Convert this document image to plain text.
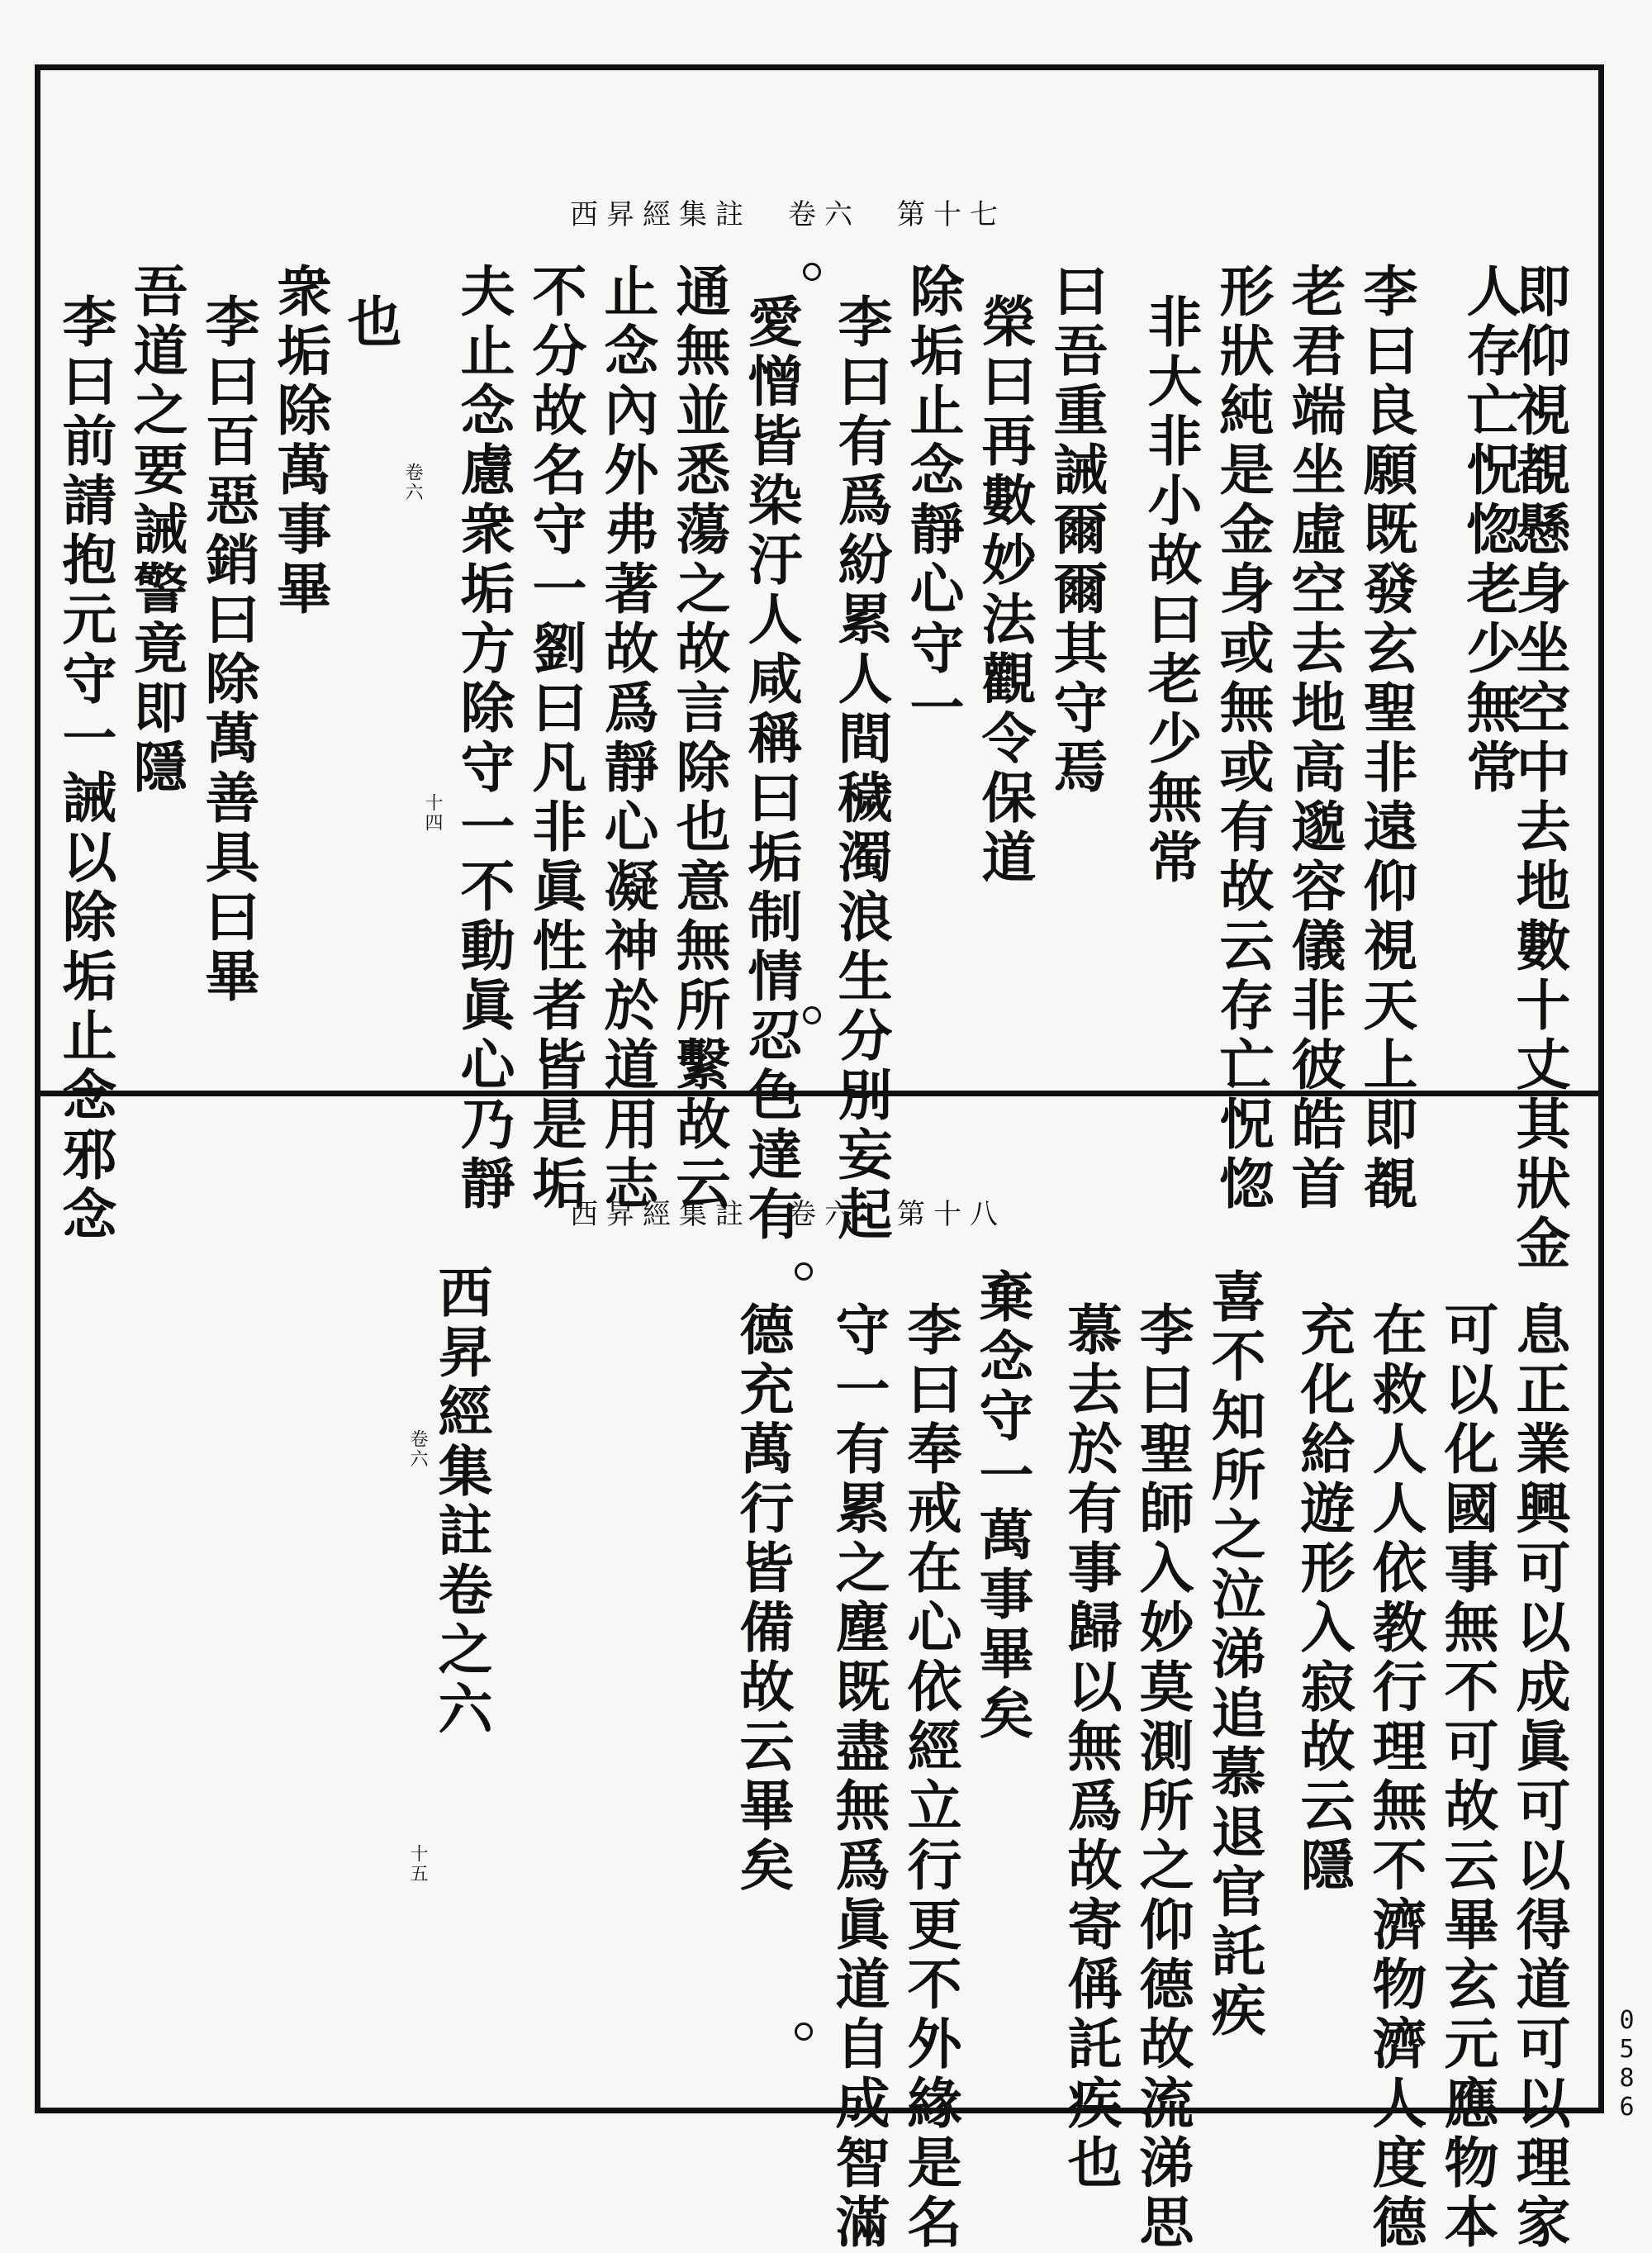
西昇經集註　卷六　第十七
即仰視覩懸身坐空中去地數十丈其狀金
人存亡怳惚老少無常
李曰良願既發玄聖非遠仰視天上即覩
老君端坐虛空去地高邈容儀非彼皓首
形狀純是金身或無或有故云存亡怳惚
非大非小故曰老少無常
曰吾重誡爾爾其守焉
榮曰再數妙法觀令保道
除垢止念靜心守一
李曰有爲紛累人間穢濁浪生分別妄起
愛憎皆染汙人咸稱曰垢制情忍色達有
通無並悉蕩之故言除也意無所繫故云
止念內外弗著故爲靜心凝神於道用志
不分故名守一劉曰凡非眞性者皆是垢
夫止念慮衆垢方除守一不動眞心乃靜
也
衆垢除萬事畢
李曰百惡銷曰除萬善具曰畢
吾道之要誡警竟即隱
李曰前請抱元守一誡以除垢止念邪念	卷六
十四
西昇經集註　卷六　第十八
息正業興可以成眞可以得道可以理家
可以化國事無不可故云畢玄元應物本
在救人人依教行理無不濟物濟人度德
充化給遊形入寂故云隱
喜不知所之泣涕追慕退官託疾
李曰聖師入妙莫測所之仰德故流涕思
慕去於有事歸以無爲故寄偁託疾也
棄念守一萬事畢矣
李曰奉戒在心依經立行更不外緣是名
守一有累之塵既盡無爲眞道自成智滿
德充萬行皆備故云畢矣
西昇經集註卷之六
卷六
十五
0586
